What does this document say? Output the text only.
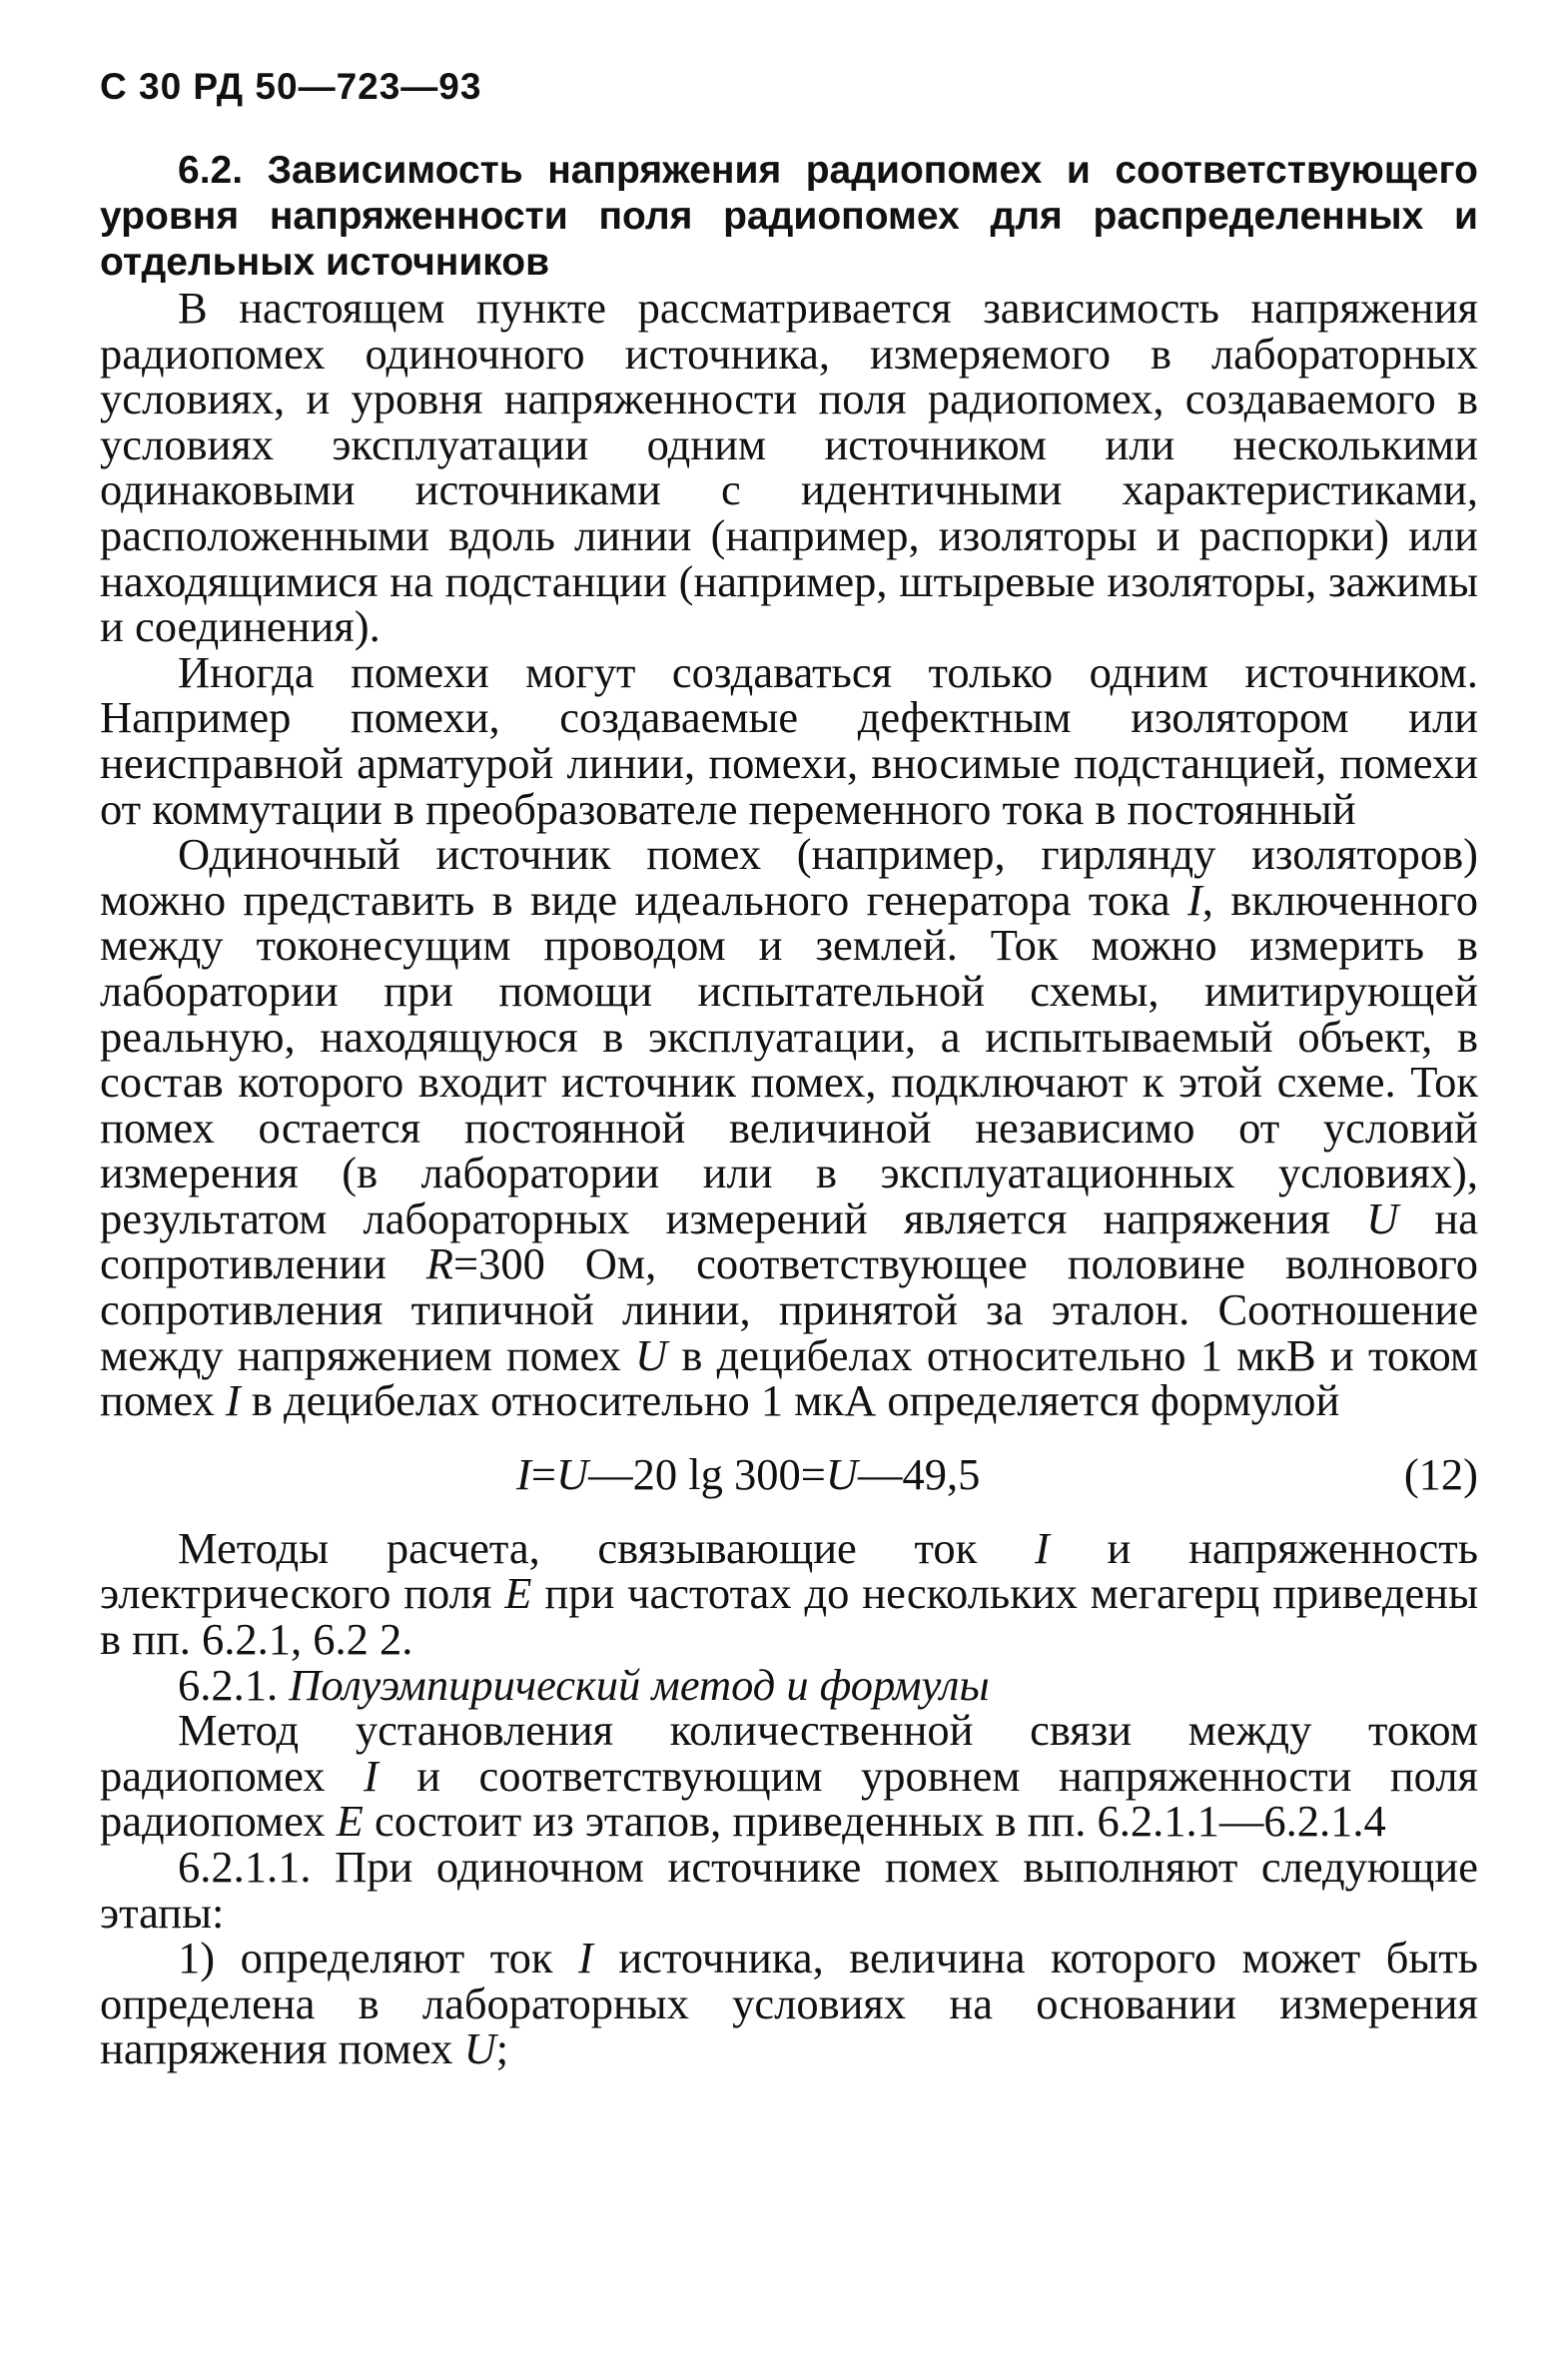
С 30 РД 50—723—93

6.2. Зависимость напряжения радиопомех и соответствующего уровня напряженности поля радиопомех для распределенных и отдельных источников

В настоящем пункте рассматривается зависимость напряжения радиопомех одиночного источника, измеряемого в лабораторных условиях, и уровня напряженности поля радиопомех, создаваемого в условиях эксплуатации одним источником или несколькими одинаковыми источниками с идентичными характеристиками, расположенными вдоль линии (например, изоляторы и распорки) или находящимися на подстанции (например, штыревые изоляторы, зажимы и соединения).

Иногда помехи могут создаваться только одним источником. Например помехи, создаваемые дефектным изолятором или неисправной арматурой линии, помехи, вносимые подстанцией, помехи от коммутации в преобразователе переменного тока в постоянный

Одиночный источник помех (например, гирлянду изоляторов) можно представить в виде идеального генератора тока I, включенного между токонесущим проводом и землей. Ток можно измерить в лаборатории при помощи испытательной схемы, имитирующей реальную, находящуюся в эксплуатации, а испытываемый объект, в состав которого входит источник помех, подключают к этой схеме. Ток помех остается постоянной величиной независимо от условий измерения (в лаборатории или в эксплуатационных условиях), результатом лабораторных измерений является напряжения U на сопротивлении R=300 Ом, соответствующее половине волнового сопротивления типичной линии, принятой за эталон. Соотношение между напряжением помех U в децибелах относительно 1 мкВ и током помех I в децибелах относительно 1 мкА определяется формулой

I=U—20 lg 300=U—49,5	(12)

Методы расчета, связывающие ток I и напряженность электрического поля E при частотах до нескольких мегагерц приведены в пп. 6.2.1, 6.2 2.

6.2.1. Полуэмпирический метод и формулы

Метод установления количественной связи между током радиопомех I и соответствующим уровнем напряженности поля радиопомех E состоит из этапов, приведенных в пп. 6.2.1.1—6.2.1.4

6.2.1.1. При одиночном источнике помех выполняют следующие этапы:

1) определяют ток I источника, величина которого может быть определена в лабораторных условиях на основании измерения напряжения помех U;
